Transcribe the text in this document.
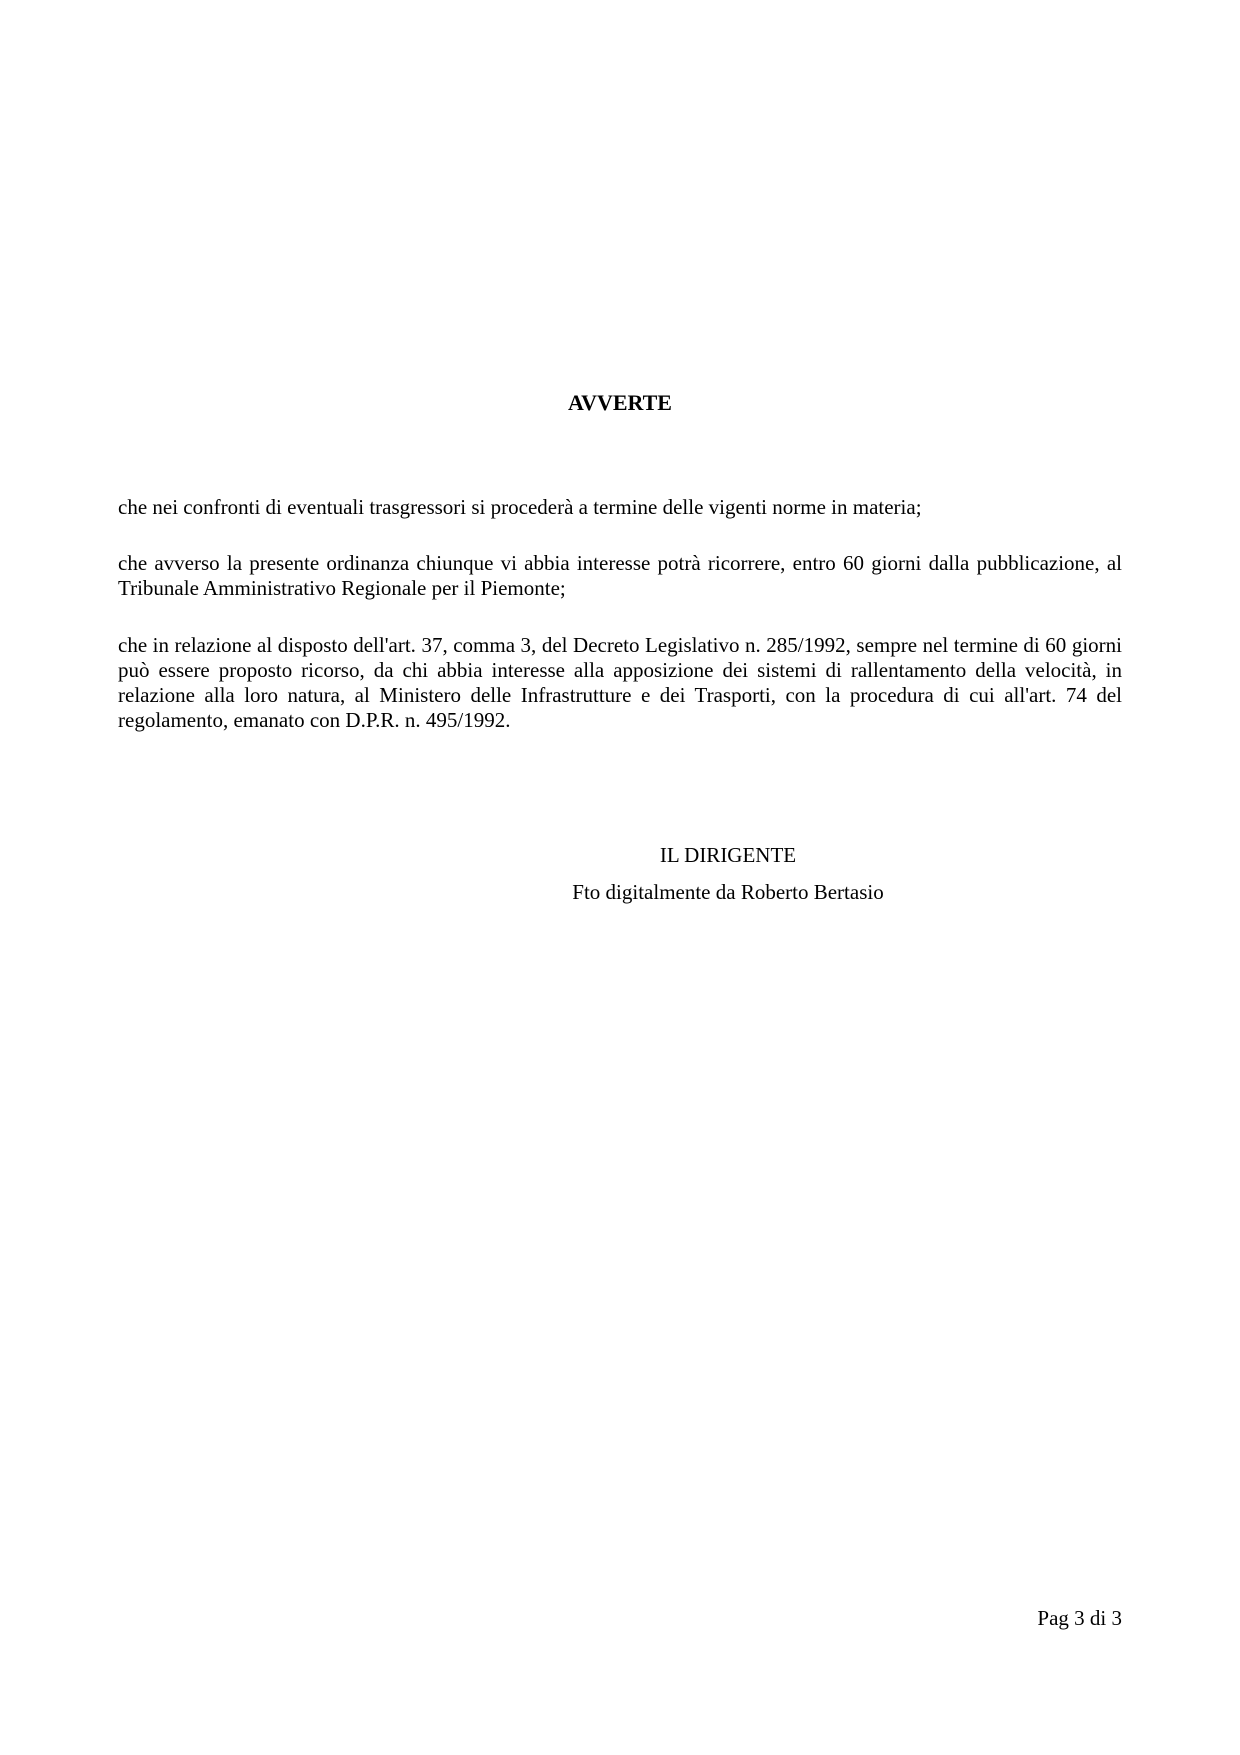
AVVERTE

che nei confronti di eventuali trasgressori si procederà a termine delle vigenti norme in materia;

che avverso la presente ordinanza chiunque vi abbia interesse potrà ricorrere, entro 60 giorni dalla pubblicazione, al Tribunale Amministrativo Regionale per il Piemonte;

che in relazione al disposto dell'art. 37, comma 3, del Decreto Legislativo n. 285/1992, sempre nel termine di 60 giorni può essere proposto ricorso, da chi abbia interesse alla apposizione dei sistemi di rallentamento della velocità, in relazione alla loro natura, al Ministero delle Infrastrutture e dei Trasporti, con la procedura di cui all'art. 74 del regolamento, emanato con D.P.R. n. 495/1992.

IL DIRIGENTE
Fto digitalmente da Roberto Bertasio
Pag 3 di 3
